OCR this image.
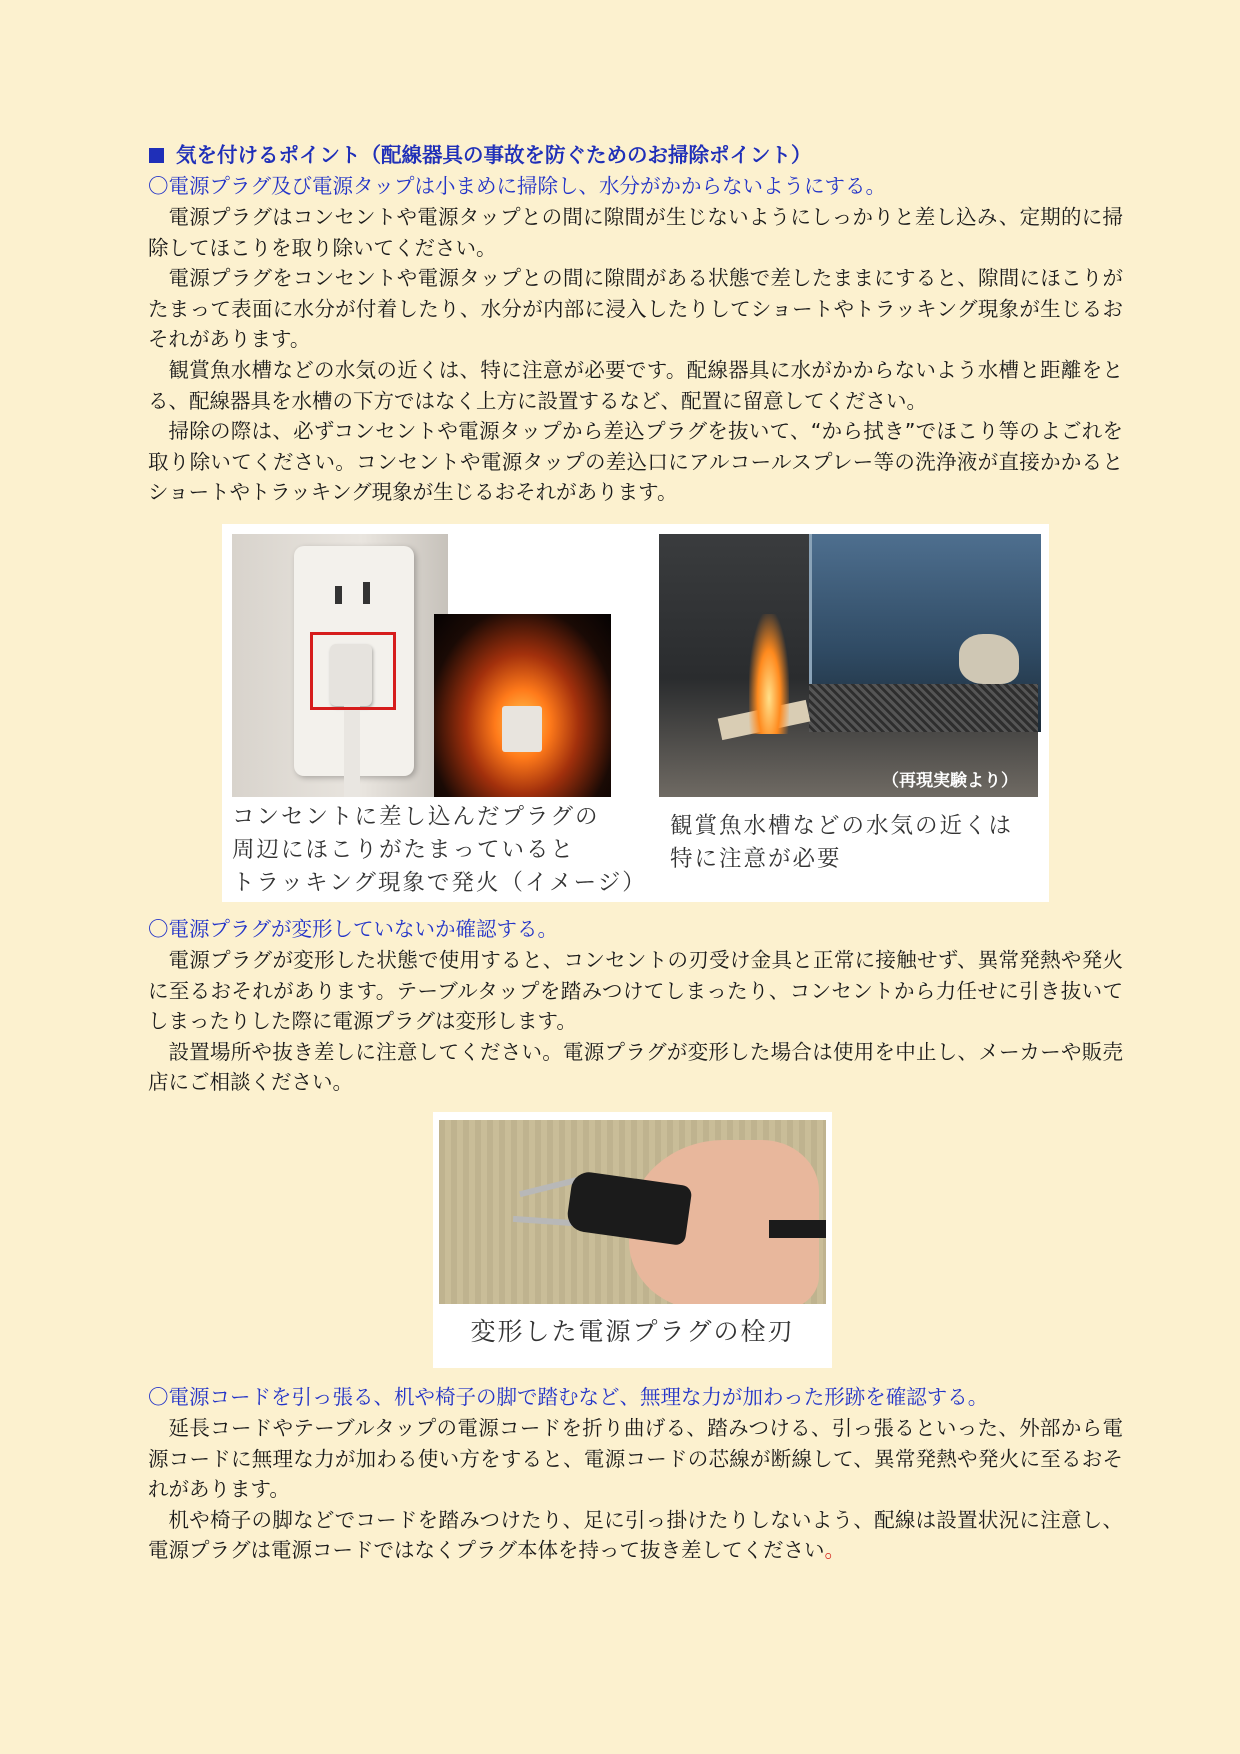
気を付けるポイント（配線器具の事故を防ぐためのお掃除ポイント）
〇電源プラグ及び電源タップは小まめに掃除し、水分がかからないようにする。

電源プラグはコンセントや電源タップとの間に隙間が生じないようにしっかりと差し込み、定期的に掃除してほこりを取り除いてください。

電源プラグをコンセントや電源タップとの間に隙間がある状態で差したままにすると、隙間にほこりがたまって表面に水分が付着したり、水分が内部に浸入したりしてショートやトラッキング現象が生じるおそれがあります。

観賞魚水槽などの水気の近くは、特に注意が必要です。配線器具に水がかからないよう水槽と距離をとる、配線器具を水槽の下方ではなく上方に設置するなど、配置に留意してください。

掃除の際は、必ずコンセントや電源タップから差込プラグを抜いて、“から拭き”でほこり等のよごれを取り除いてください。コンセントや電源タップの差込口にアルコールスプレー等の洗浄液が直接かかるとショートやトラッキング現象が生じるおそれがあります。

（再現実験より）
コンセントに差し込んだプラグの
周辺にほこりがたまっていると
トラッキング現象で発火（イメージ）
観賞魚水槽などの水気の近くは
特に注意が必要
〇電源プラグが変形していないか確認する。

電源プラグが変形した状態で使用すると、コンセントの刃受け金具と正常に接触せず、異常発熱や発火に至るおそれがあります。テーブルタップを踏みつけてしまったり、コンセントから力任せに引き抜いてしまったりした際に電源プラグは変形します。

設置場所や抜き差しに注意してください。電源プラグが変形した場合は使用を中止し、メーカーや販売店にご相談ください。

変形した電源プラグの栓刃
〇電源コードを引っ張る、机や椅子の脚で踏むなど、無理な力が加わった形跡を確認する。

延長コードやテーブルタップの電源コードを折り曲げる、踏みつける、引っ張るといった、外部から電源コードに無理な力が加わる使い方をすると、電源コードの芯線が断線して、異常発熱や発火に至るおそれがあります。

机や椅子の脚などでコードを踏みつけたり、足に引っ掛けたりしないよう、配線は設置状況に注意し、電源プラグは電源コードではなくプラグ本体を持って抜き差してください。
